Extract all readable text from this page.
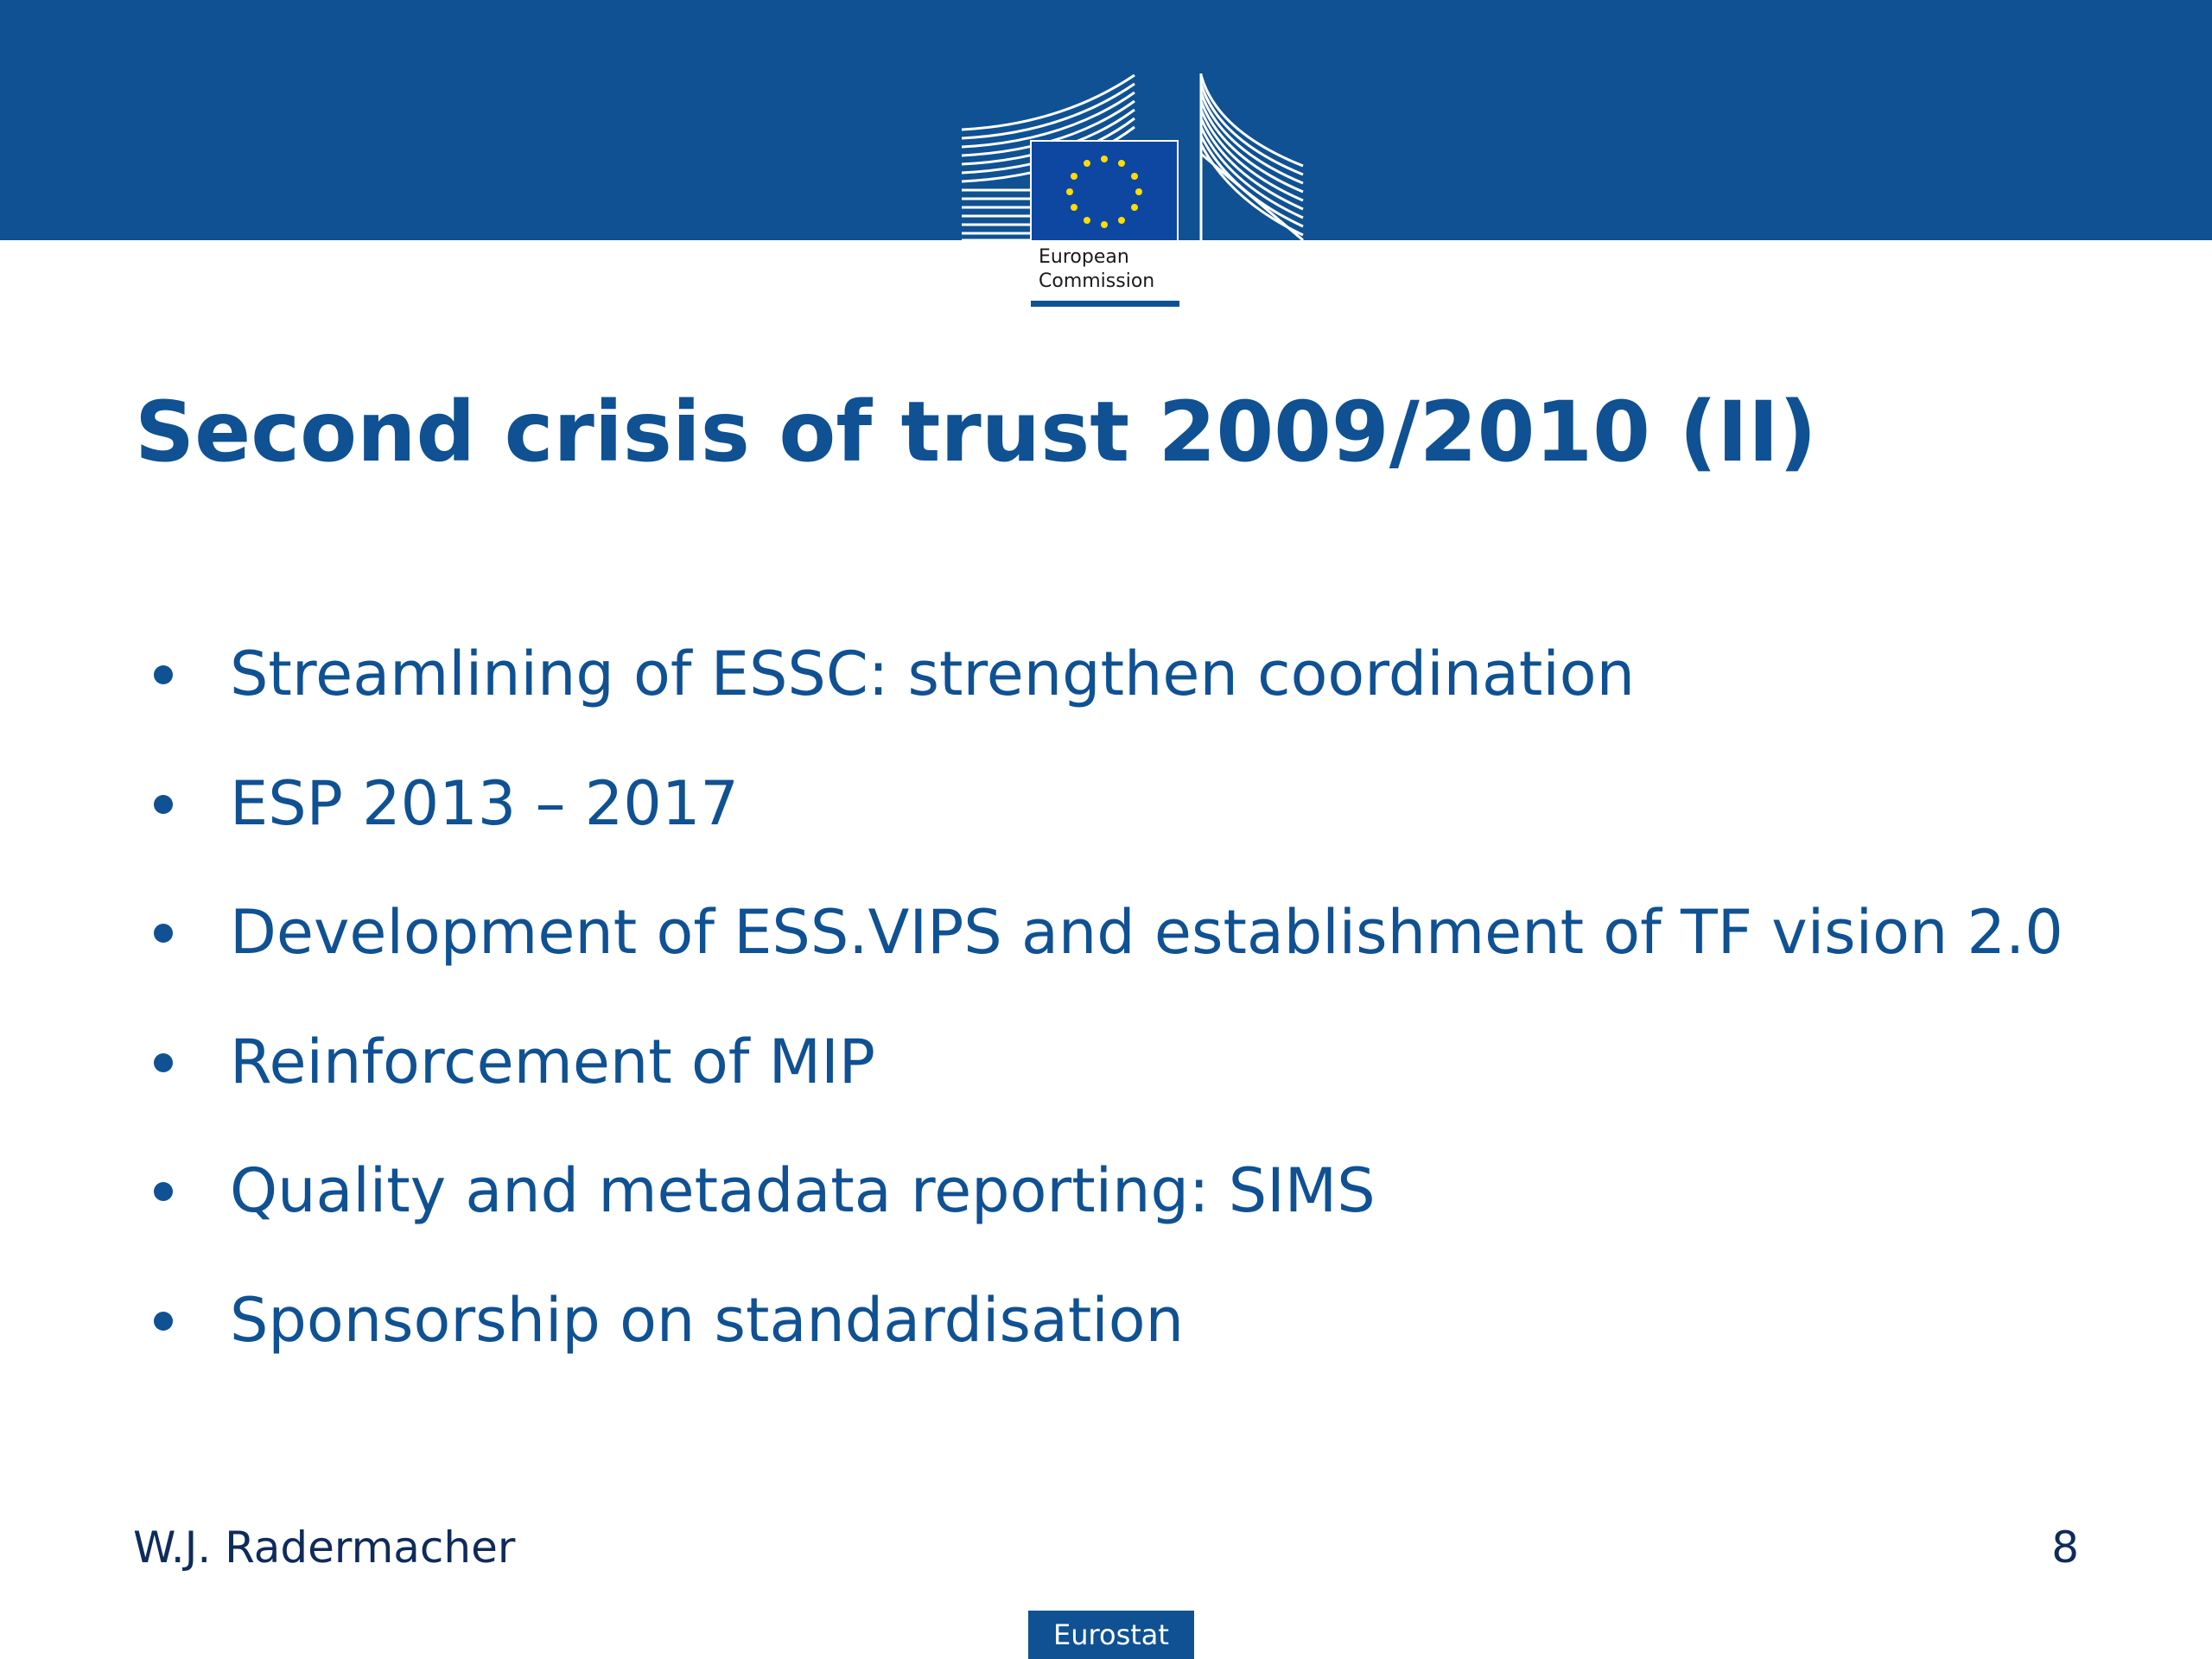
European
Commission
Second crisis of trust 2009/2010 (II)
Streamlining of ESSC: strengthen coordination
ESP 2013 – 2017
Development of ESS.VIPS and establishment of TF vision 2.0
Reinforcement of MIP
Quality and metadata reporting: SIMS
Sponsorship on standardisation
W.J. Radermacher	8
Eurostat
